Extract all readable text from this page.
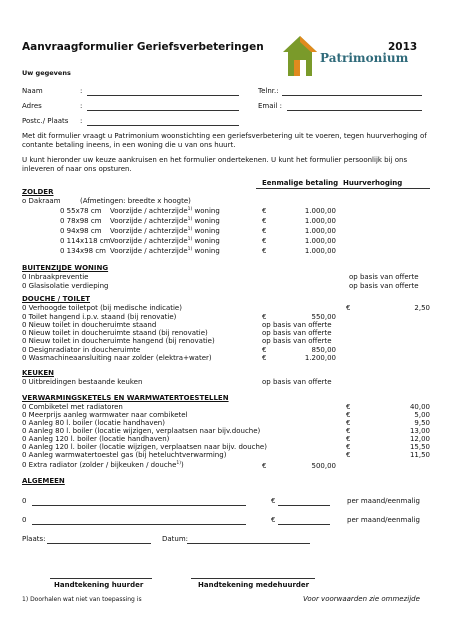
Aanvraagformulier Geriefsverbeteringen	2013
Patrimonium
Uw gegevens
Naam	:	Telnr.:
Adres	:	Email :
Postc./ Plaats :
Met dit formulier vraagt u Patrimonium woonstichting een geriefsverbetering uit te voeren, tegen huurverhoging of
contante betaling ineens, in een woning die u van ons huurt.
U kunt hieronder uw keuze aankruisen en het formulier ondertekenen. U kunt het formulier persoonlijk bij ons
inleveren of naar ons opsturen.
Eenmalige betaling Huurverhoging
ZOLDER
o Dakraam	(Afmetingen: breedte x hoogte)
0 55x78 cm Voorzijde / achterzijde$^{1)}$ woning	€	1.000,00
0 78x98 cm Voorzijde / achterzijde$^{1)}$ woning	€	1.000,00
0 94x98 cm Voorzijde / achterzijde$^{1)}$ woning	€	1.000,00
0 114x118 cm Voorzijde / achterzijde$^{1)}$ woning	€	1.000,00
0 134x98 cm Voorzijde / achterzijde$^{1)}$ woning	€	1.000,00
BUITENZIJDE WONING
0 Inbraakpreventie	op basis van offerte
0 Glasisolatie verdieping	op basis van offerte
DOUCHE / TOILET
0 Verhoogde toiletpot (bij medische indicatie)	€	2,50
0 Toilet hangend i.p.v. staand (bij renovatie)	€	550,00
0 Nieuw toilet in doucheruimte staand	op basis van offerte
0 Nieuw toilet in doucheruimte staand (bij renovatie)	op basis van offerte
0 Nieuw toilet in doucheruimte hangend (bij renovatie)	op basis van offerte
0 Designradiator in doucheruimte	€	850,00
0 Wasmachineaansluiting naar zolder (elektra+water)	€	1.200,00
KEUKEN
0 Uitbreidingen bestaande keuken	op basis van offerte
VERWARMINGSKETELS EN WARMWATERTOESTELLEN
0 Combiketel met radiatoren	€	40,00
0 Meerprijs aanleg warmwater naar combiketel	€	5,00
0 Aanleg 80 l. boiler (locatie handhaven)	€	9,50
0 Aanleg 80 l. boiler (locatie wijzigen, verplaatsen naar bijv.douche)	€	13,00
0 Aanleg 120 l. boiler (locatie handhaven)	€	12,00
0 Aanleg 120 l. boiler (locatie wijzigen, verplaatsen naar bijv. douche)	€	15,50
0 Aanleg warmwatertoestel gas (bij heteluchtverwarming)	€	11,50
0 Extra radiator (zolder / bijkeuken / douche$^{1)}$)	€	500,00
ALGEMEEN
0	€	per maand/eenmalig
0	€	per maand/eenmalig
Plaats:	Datum:
Handtekening huurder	Handtekening medehuurder
1) Doorhalen wat niet van toepassing is	Voor voorwaarden zie ommezijde
